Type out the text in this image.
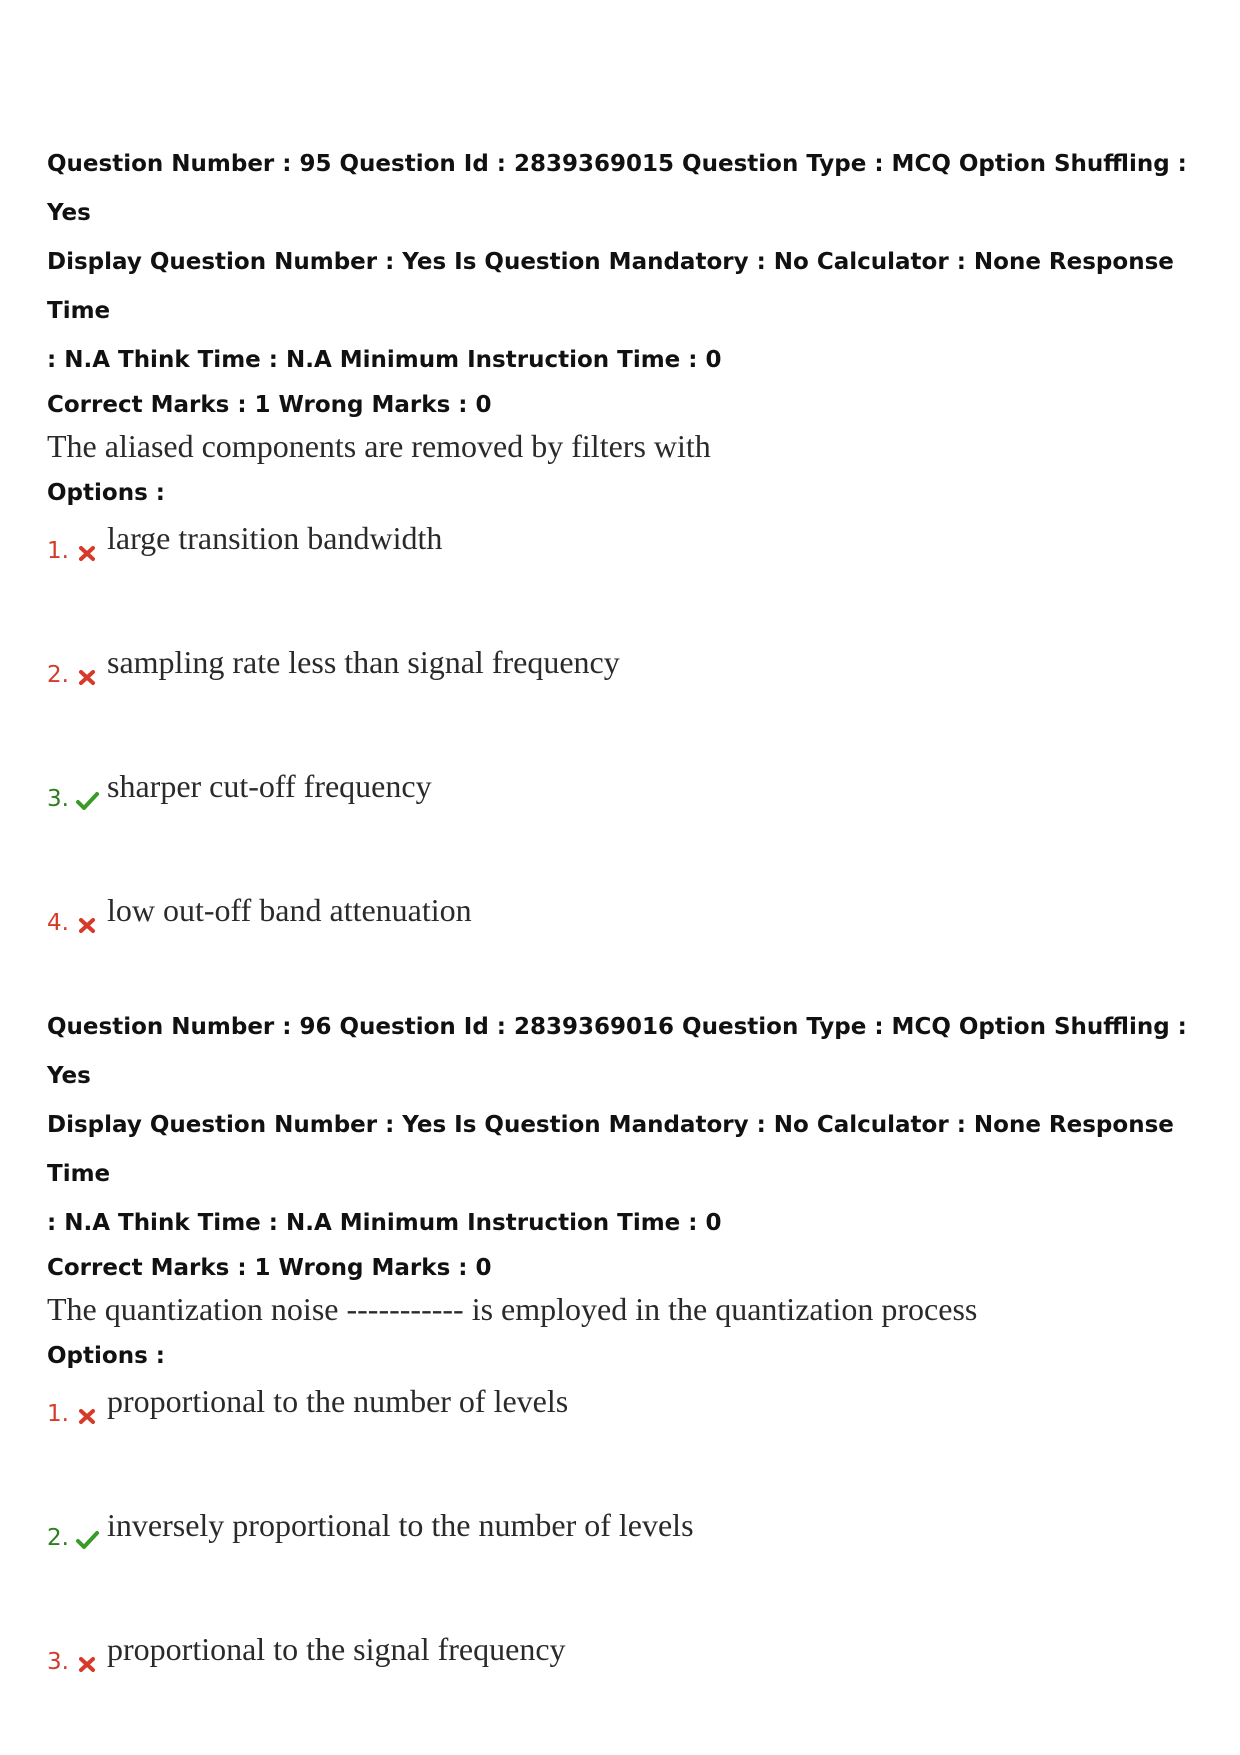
Question Number : 95 Question Id : 2839369015 Question Type : MCQ Option Shuffling : Yes

Display Question Number : Yes Is Question Mandatory : No Calculator : None Response Time

: N.A Think Time : N.A Minimum Instruction Time : 0

Correct Marks : 1 Wrong Marks : 0
The aliased components are removed by filters with
Options :
1. large transition bandwidth
2. sampling rate less than signal frequency
3. sharper cut-off frequency
4. low out-off band attenuation

Question Number : 96 Question Id : 2839369016 Question Type : MCQ Option Shuffling : Yes

Display Question Number : Yes Is Question Mandatory : No Calculator : None Response Time

: N.A Think Time : N.A Minimum Instruction Time : 0

Correct Marks : 1 Wrong Marks : 0
The quantization noise ----------- is employed in the quantization process
Options :
1. proportional to the number of levels
2. inversely proportional to the number of levels
3. proportional to the signal frequency
